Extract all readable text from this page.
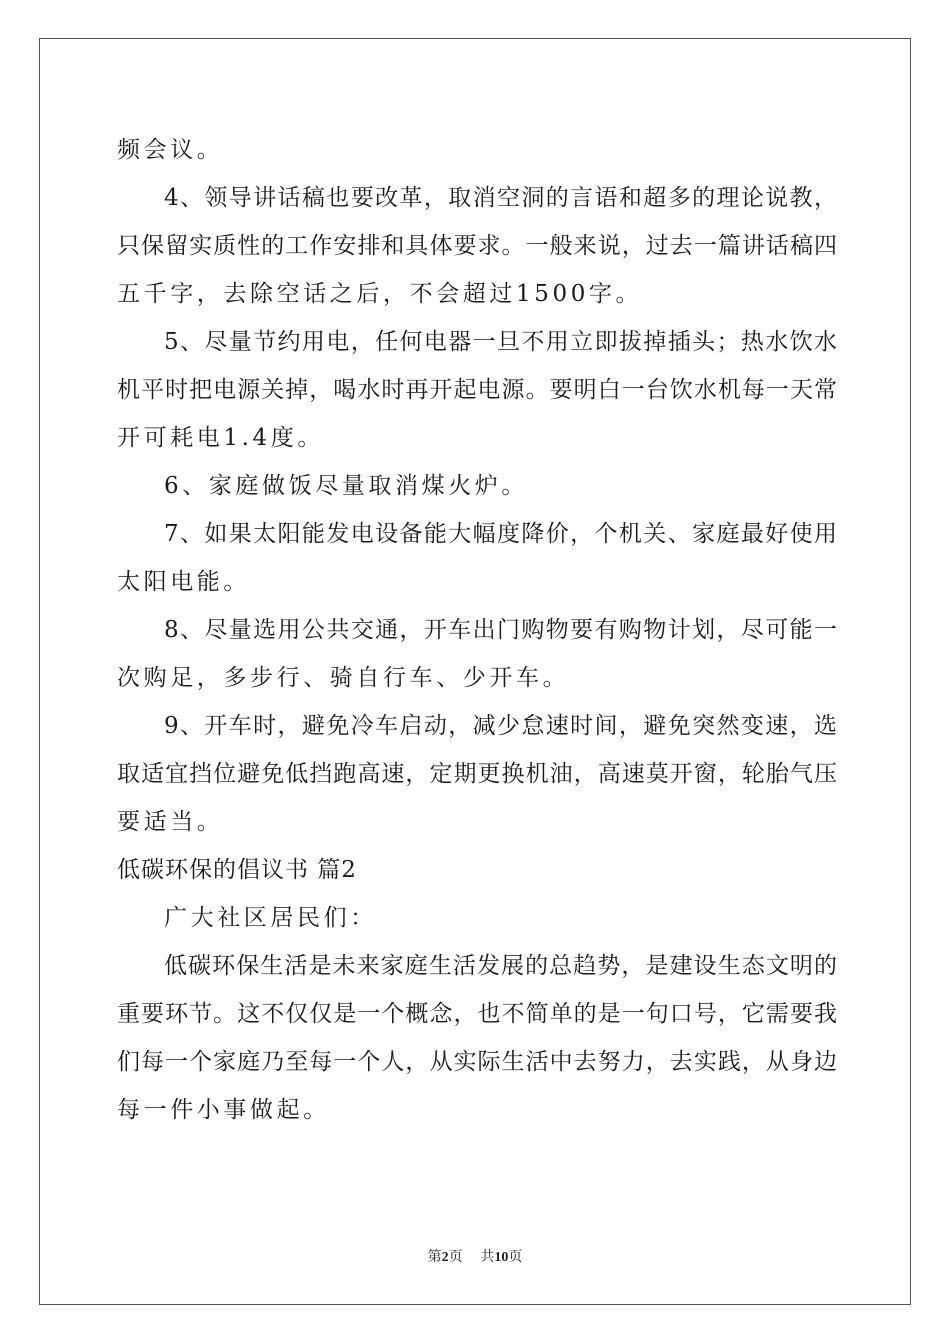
频会议。
4、领导讲话稿也要改革，取消空洞的言语和超多的理论说教，
只保留实质性的工作安排和具体要求。一般来说，过去一篇讲话稿四
五千字，去除空话之后，不会超过1500字。
5、尽量节约用电，任何电器一旦不用立即拔掉插头；热水饮水
机平时把电源关掉，喝水时再开起电源。要明白一台饮水机每一天常
开可耗电1.4度。
6、家庭做饭尽量取消煤火炉。
7、如果太阳能发电设备能大幅度降价，个机关、家庭最好使用
太阳电能。
8、尽量选用公共交通，开车出门购物要有购物计划，尽可能一
次购足，多步行、骑自行车、少开车。
9、开车时，避免冷车启动，减少怠速时间，避免突然变速，选
取适宜挡位避免低挡跑高速，定期更换机油，高速莫开窗，轮胎气压
要适当。
低碳环保的倡议书 篇2
广大社区居民们：
低碳环保生活是未来家庭生活发展的总趋势，是建设生态文明的
重要环节。这不仅仅是一个概念，也不简单的是一句口号，它需要我
们每一个家庭乃至每一个人，从实际生活中去努力，去实践，从身边
每一件小事做起。
第2页    共10页
